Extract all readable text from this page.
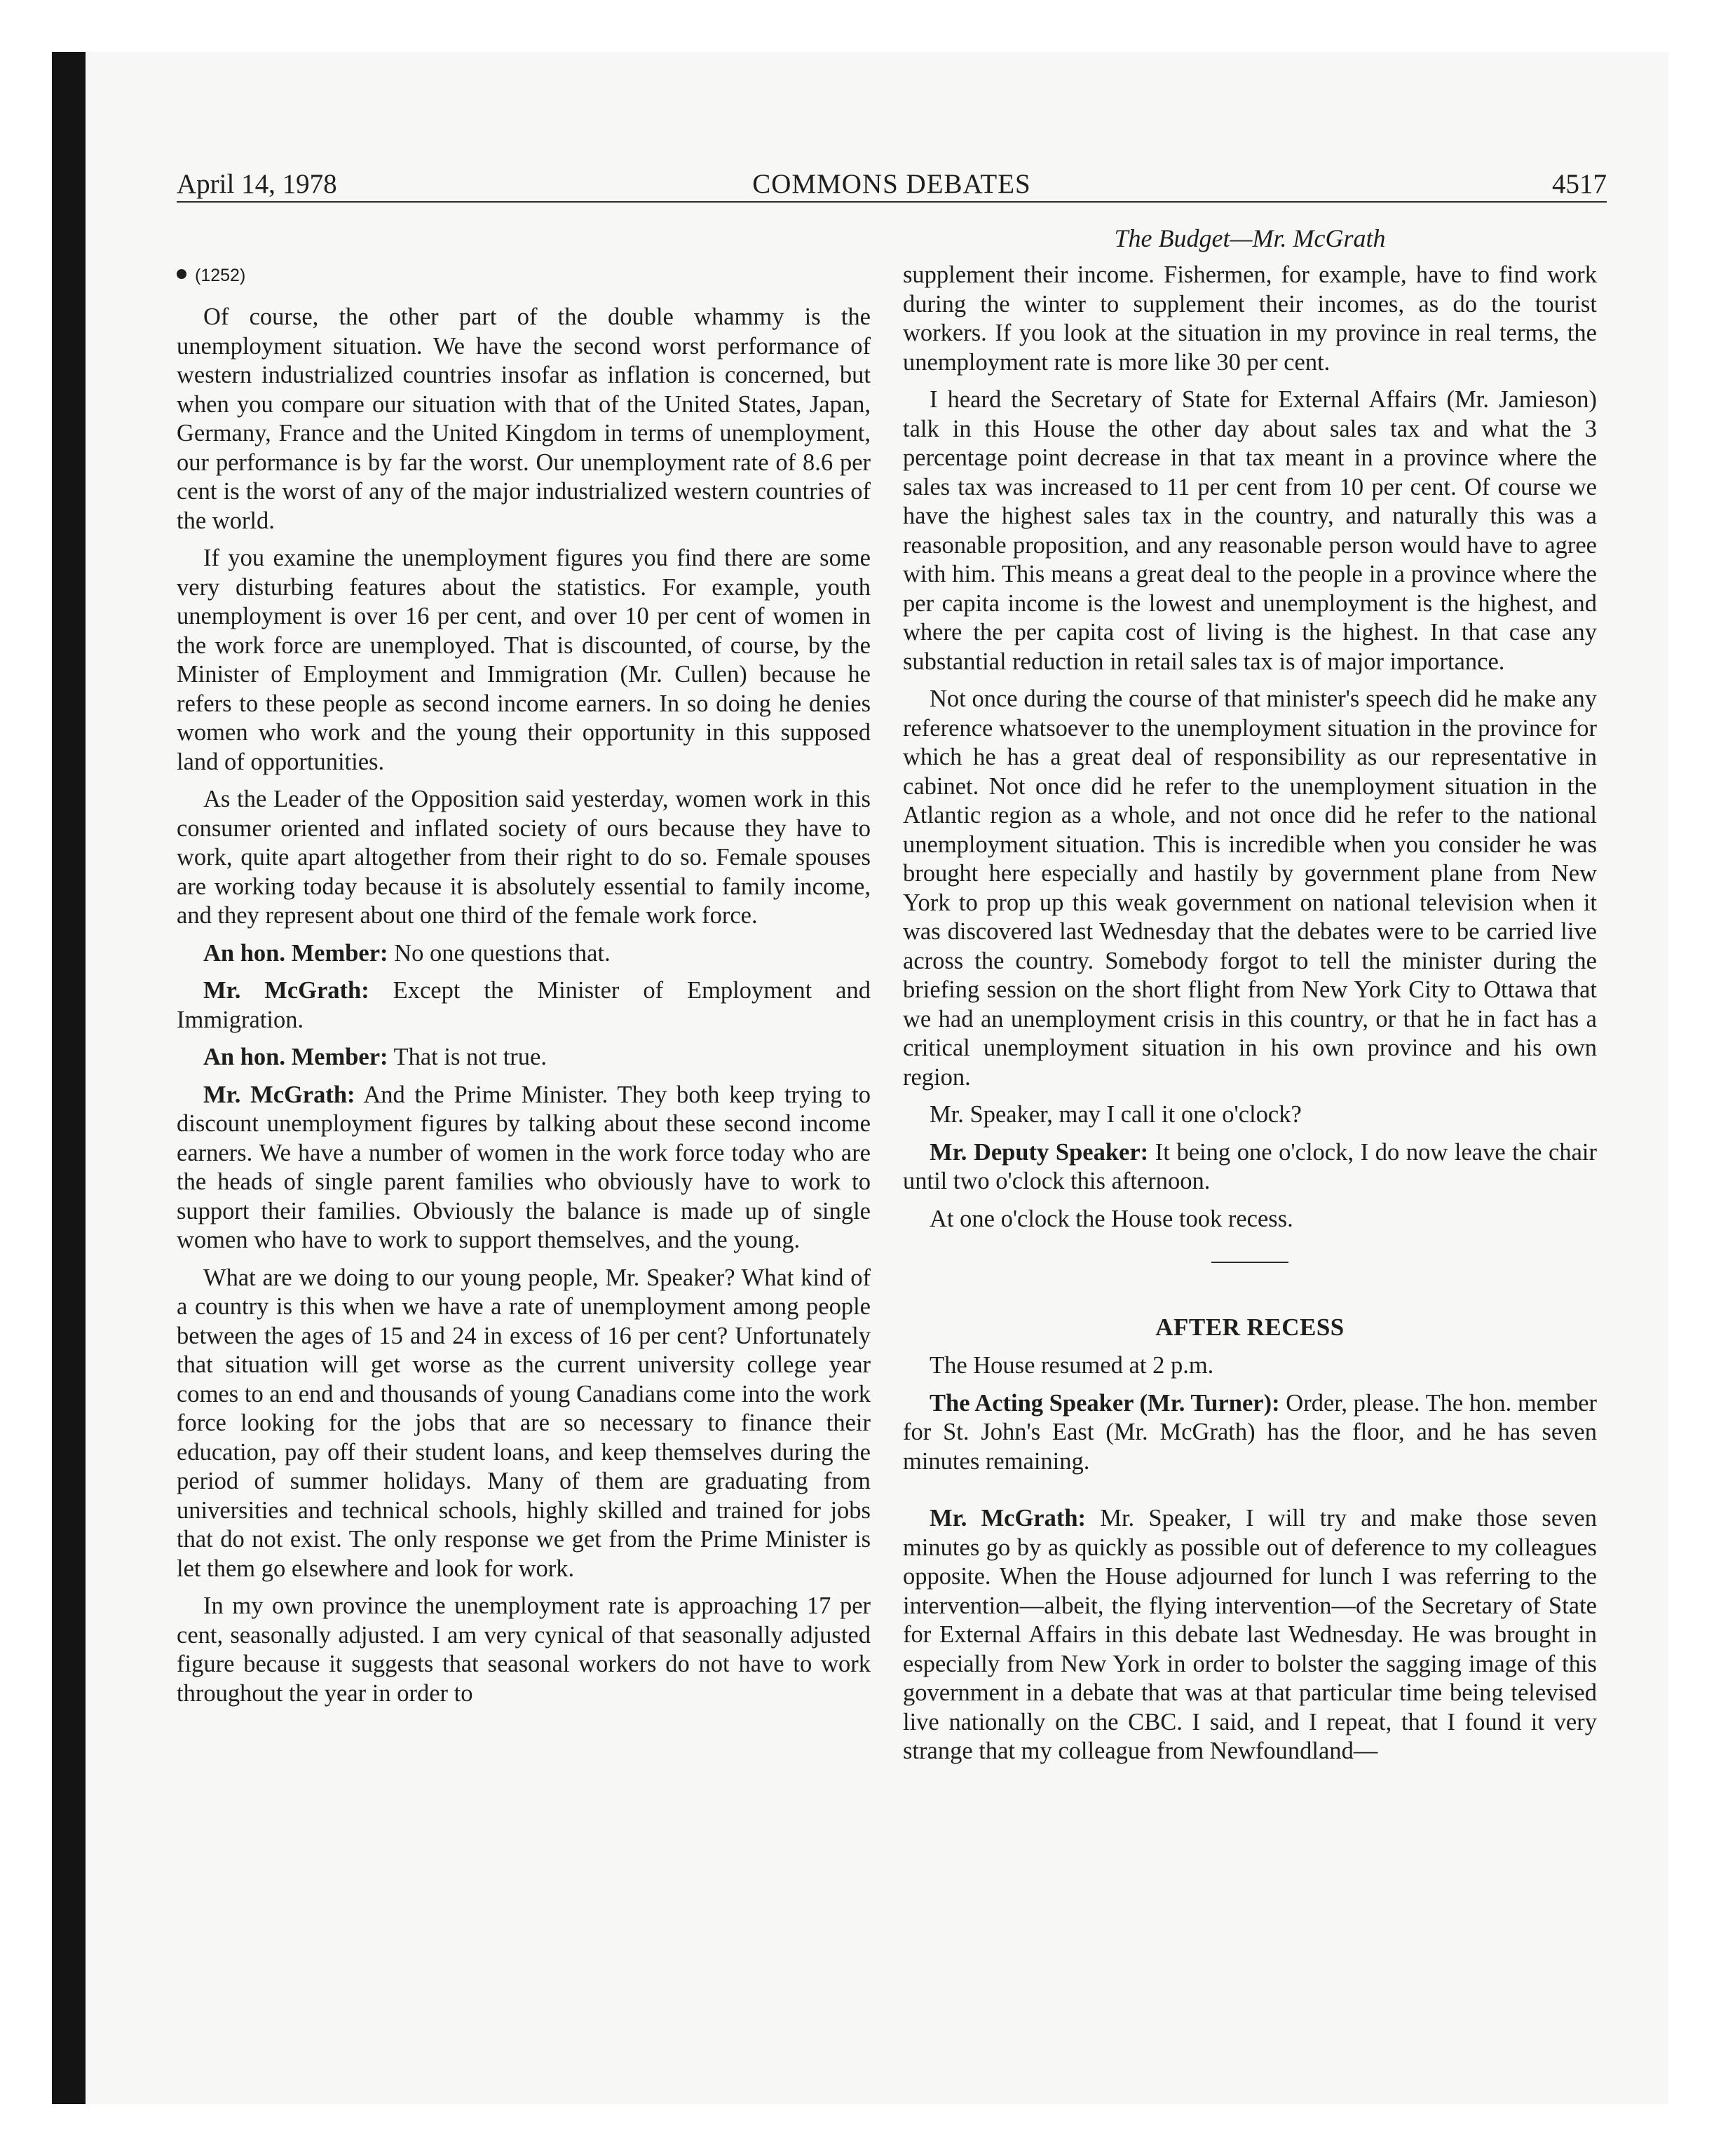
April 14, 1978	COMMONS DEBATES	4517
The Budget—Mr. McGrath
(1252)

Of course, the other part of the double whammy is the unemployment situation. We have the second worst performance of western industrialized countries insofar as inflation is concerned, but when you compare our situation with that of the United States, Japan, Germany, France and the United Kingdom in terms of unemployment, our performance is by far the worst. Our unemployment rate of 8.6 per cent is the worst of any of the major industrialized western countries of the world.

If you examine the unemployment figures you find there are some very disturbing features about the statistics. For example, youth unemployment is over 16 per cent, and over 10 per cent of women in the work force are unemployed. That is discounted, of course, by the Minister of Employment and Immigration (Mr. Cullen) because he refers to these people as second income earners. In so doing he denies women who work and the young their opportunity in this supposed land of opportunities.

As the Leader of the Opposition said yesterday, women work in this consumer oriented and inflated society of ours because they have to work, quite apart altogether from their right to do so. Female spouses are working today because it is absolutely essential to family income, and they represent about one third of the female work force.

An hon. Member: No one questions that.

Mr. McGrath: Except the Minister of Employment and Immigration.

An hon. Member: That is not true.

Mr. McGrath: And the Prime Minister. They both keep trying to discount unemployment figures by talking about these second income earners. We have a number of women in the work force today who are the heads of single parent families who obviously have to work to support their families. Obviously the balance is made up of single women who have to work to support themselves, and the young.

What are we doing to our young people, Mr. Speaker? What kind of a country is this when we have a rate of unemployment among people between the ages of 15 and 24 in excess of 16 per cent? Unfortunately that situation will get worse as the current university college year comes to an end and thousands of young Canadians come into the work force looking for the jobs that are so necessary to finance their education, pay off their student loans, and keep themselves during the period of summer holidays. Many of them are graduating from universities and technical schools, highly skilled and trained for jobs that do not exist. The only response we get from the Prime Minister is let them go elsewhere and look for work.

In my own province the unemployment rate is approaching 17 per cent, seasonally adjusted. I am very cynical of that seasonally adjusted figure because it suggests that seasonal workers do not have to work throughout the year in order to

supplement their income. Fishermen, for example, have to find work during the winter to supplement their incomes, as do the tourist workers. If you look at the situation in my province in real terms, the unemployment rate is more like 30 per cent.

I heard the Secretary of State for External Affairs (Mr. Jamieson) talk in this House the other day about sales tax and what the 3 percentage point decrease in that tax meant in a province where the sales tax was increased to 11 per cent from 10 per cent. Of course we have the highest sales tax in the country, and naturally this was a reasonable proposition, and any reasonable person would have to agree with him. This means a great deal to the people in a province where the per capita income is the lowest and unemployment is the highest, and where the per capita cost of living is the highest. In that case any substantial reduction in retail sales tax is of major importance.

Not once during the course of that minister's speech did he make any reference whatsoever to the unemployment situation in the province for which he has a great deal of responsibility as our representative in cabinet. Not once did he refer to the unemployment situation in the Atlantic region as a whole, and not once did he refer to the national unemployment situation. This is incredible when you consider he was brought here especially and hastily by government plane from New York to prop up this weak government on national television when it was discovered last Wednesday that the debates were to be carried live across the country. Somebody forgot to tell the minister during the briefing session on the short flight from New York City to Ottawa that we had an unemployment crisis in this country, or that he in fact has a critical unemployment situation in his own province and his own region.

Mr. Speaker, may I call it one o'clock?

Mr. Deputy Speaker: It being one o'clock, I do now leave the chair until two o'clock this afternoon.

At one o'clock the House took recess.

AFTER RECESS

The House resumed at 2 p.m.

The Acting Speaker (Mr. Turner): Order, please. The hon. member for St. John's East (Mr. McGrath) has the floor, and he has seven minutes remaining.

Mr. McGrath: Mr. Speaker, I will try and make those seven minutes go by as quickly as possible out of deference to my colleagues opposite. When the House adjourned for lunch I was referring to the intervention—albeit, the flying intervention—of the Secretary of State for External Affairs in this debate last Wednesday. He was brought in especially from New York in order to bolster the sagging image of this government in a debate that was at that particular time being televised live nationally on the CBC. I said, and I repeat, that I found it very strange that my colleague from Newfoundland—
